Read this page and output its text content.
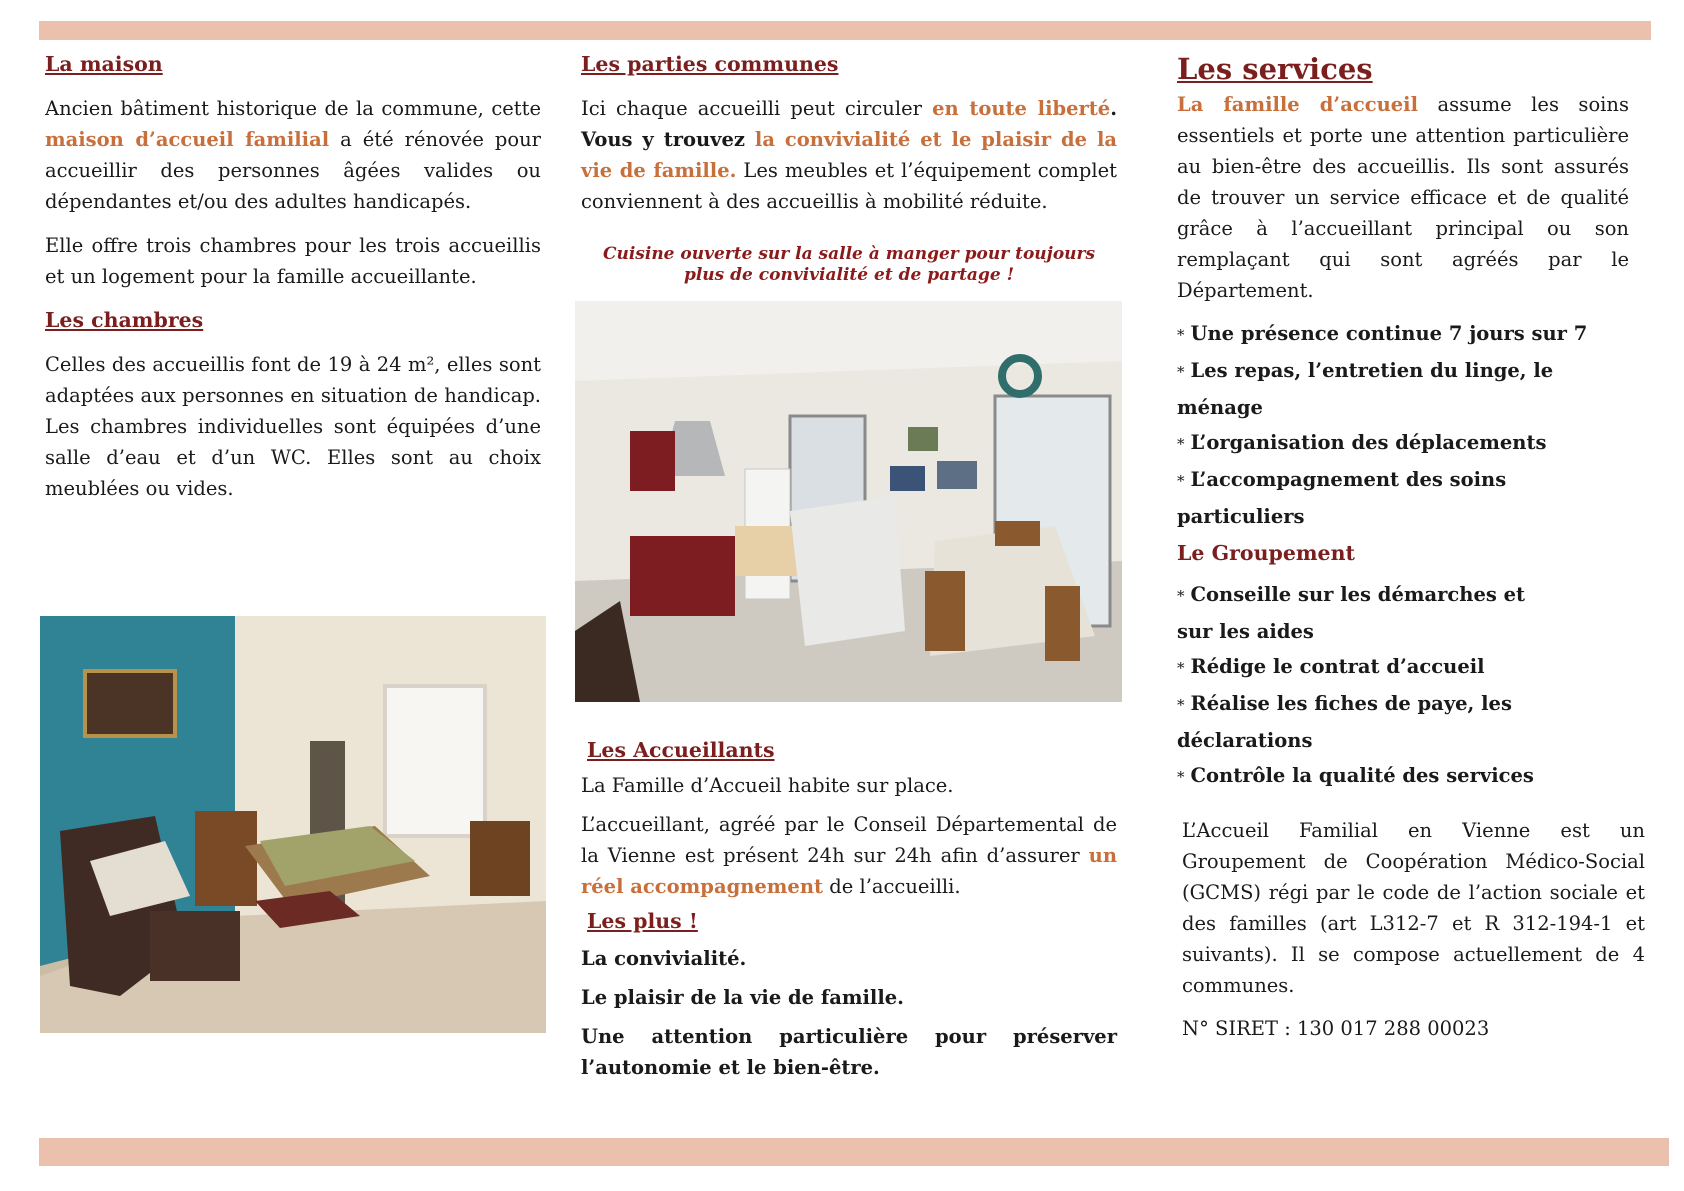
La maison

Ancien bâtiment historique de la commune, cette maison d’accueil familial a été rénovée pour accueillir des personnes âgées valides ou dépendantes et/ou des adultes handicapés.

Elle offre trois chambres pour les trois accueillis et un logement pour la famille accueillante.

Les chambres

Celles des accueillis font de 19 à 24 m², elles sont adaptées aux personnes en situation de handicap. Les chambres individuelles sont équipées d’une salle d’eau et d’un WC. Elles sont au choix meublées ou vides.

Les parties communes

Ici chaque accueilli peut circuler en toute liberté. Vous y trouvez la convivialité et le plaisir de la vie de famille. Les meubles et l’équipement complet conviennent à des accueillis à mobilité réduite.

Cuisine ouverte sur la salle à manger pour toujours plus de convivialité et de partage !

Les Accueillants

La Famille d’Accueil habite sur place.

L’accueillant, agréé par le Conseil Départemental de la Vienne est présent 24h sur 24h afin d’assurer un réel accompagnement de l’accueilli.

Les plus !

La convivialité.

Le plaisir de la vie de famille.

Une attention particulière pour préserver l’autonomie et le bien-être.

Les services

La famille d’accueil assume les soins essentiels et porte une attention particulière au bien-être des accueillis. Ils sont assurés de trouver un service efficace et de qualité grâce à l’accueillant principal ou son remplaçant qui sont agréés par le Département.

* Une présence continue 7 jours sur 7

* Les repas, l’entretien du linge, le ménage

* L’organisation des déplacements

* L’accompagnement des soins particuliers

Le Groupement

* Conseille sur les démarches et sur les aides

* Rédige le contrat d’accueil

* Réalise les fiches de paye, les déclarations

* Contrôle la qualité des services

L’Accueil Familial en Vienne est un Groupement de Coopération Médico-Social (GCMS) régi par le code de l’action sociale et des familles (art L312-7 et R 312-194-1 et suivants). Il se compose actuellement de 4 communes.

N° SIRET : 130 017 288 00023
